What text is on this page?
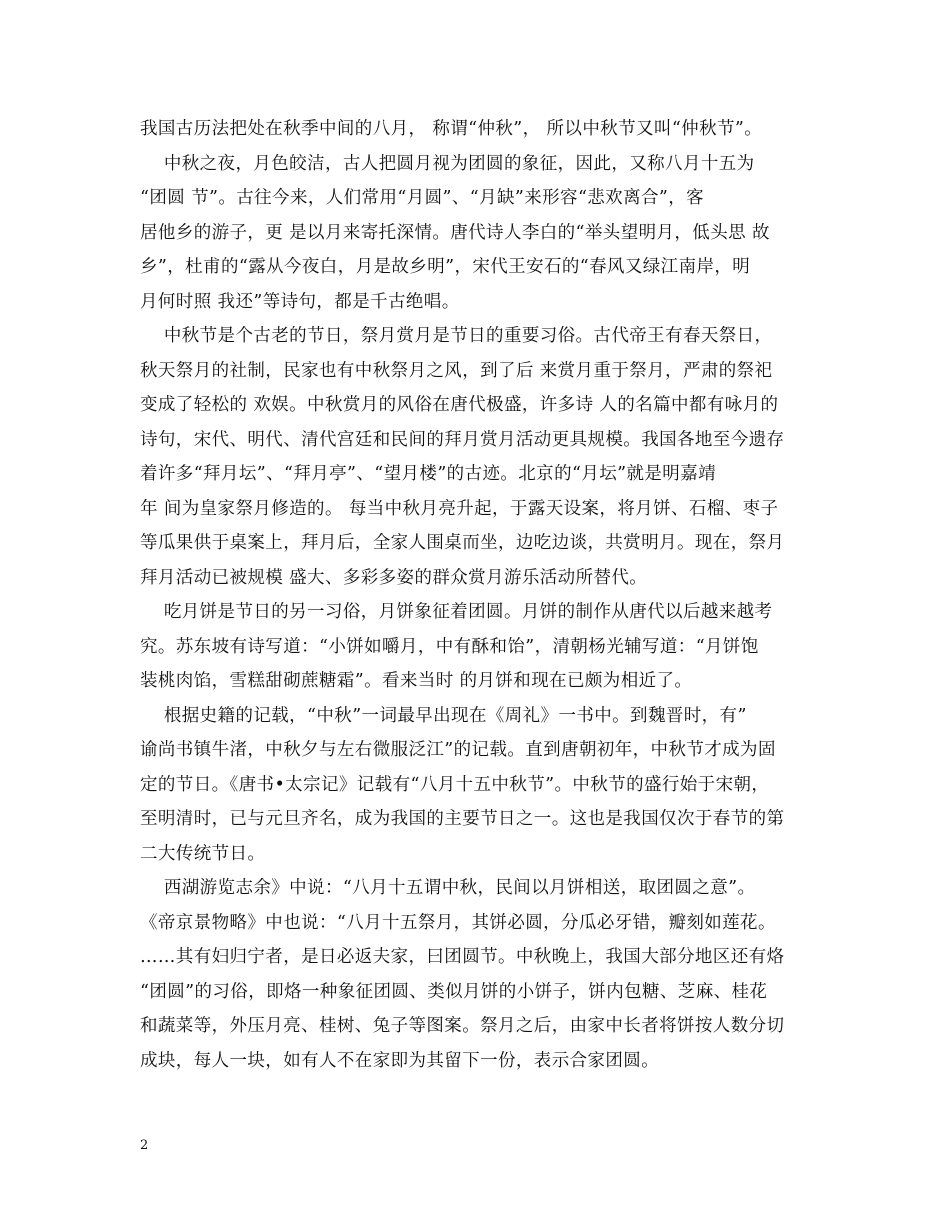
我国古历法把处在秋季中间的八月， 称谓“仲秋”， 所以中秋节又叫“仲秋节”。
中秋之夜，月色皎洁，古人把圆月视为团圆的象征，因此，又称八月十五为
“团圆 节”。古往今来，人们常用“月圆”、“月缺”来形容“悲欢离合”，客
居他乡的游子，更 是以月来寄托深情。唐代诗人李白的“举头望明月，低头思 故
乡”，杜甫的“露从今夜白，月是故乡明”，宋代王安石的“春风又绿江南岸，明
月何时照 我还”等诗句，都是千古绝唱。
中秋节是个古老的节日，祭月赏月是节日的重要习俗。古代帝王有春天祭日，
秋天祭月的社制，民家也有中秋祭月之风，到了后 来赏月重于祭月，严肃的祭祀
变成了轻松的 欢娱。中秋赏月的风俗在唐代极盛，许多诗 人的名篇中都有咏月的
诗句，宋代、明代、清代宫廷和民间的拜月赏月活动更具规模。我国各地至今遗存
着许多“拜月坛”、“拜月亭”、“望月楼”的古迹。北京的“月坛”就是明嘉靖
年 间为皇家祭月修造的。 每当中秋月亮升起，于露天设案，将月饼、石榴、枣子
等瓜果供于桌案上，拜月后，全家人围桌而坐，边吃边谈，共赏明月。现在，祭月
拜月活动已被规模 盛大、多彩多姿的群众赏月游乐活动所替代。
吃月饼是节日的另一习俗，月饼象征着团圆。月饼的制作从唐代以后越来越考
究。苏东坡有诗写道：“小饼如嚼月，中有酥和饴”，清朝杨光辅写道：“月饼饱
装桃肉馅，雪糕甜砌蔗糖霜”。看来当时 的月饼和现在已颇为相近了。
根据史籍的记载，“中秋”一词最早出现在《周礼》一书中。到魏晋时，有”
谕尚书镇牛渚，中秋夕与左右微服泛江”的记载。直到唐朝初年，中秋节才成为固
定的节日。《唐书•太宗记》记载有“八月十五中秋节”。中秋节的盛行始于宋朝，
至明清时，已与元旦齐名，成为我国的主要节日之一。这也是我国仅次于春节的第
二大传统节日。
西湖游览志余》中说：“八月十五谓中秋，民间以月饼相送，取团圆之意”。
《帝京景物略》中也说：“八月十五祭月，其饼必圆，分瓜必牙错，瓣刻如莲花。
……其有妇归宁者，是日必返夫家，曰团圆节。中秋晚上，我国大部分地区还有烙
“团圆”的习俗，即烙一种象征团圆、类似月饼的小饼子，饼内包糖、芝麻、桂花
和蔬菜等，外压月亮、桂树、兔子等图案。祭月之后，由家中长者将饼按人数分切
成块，每人一块，如有人不在家即为其留下一份，表示合家团圆。
2
